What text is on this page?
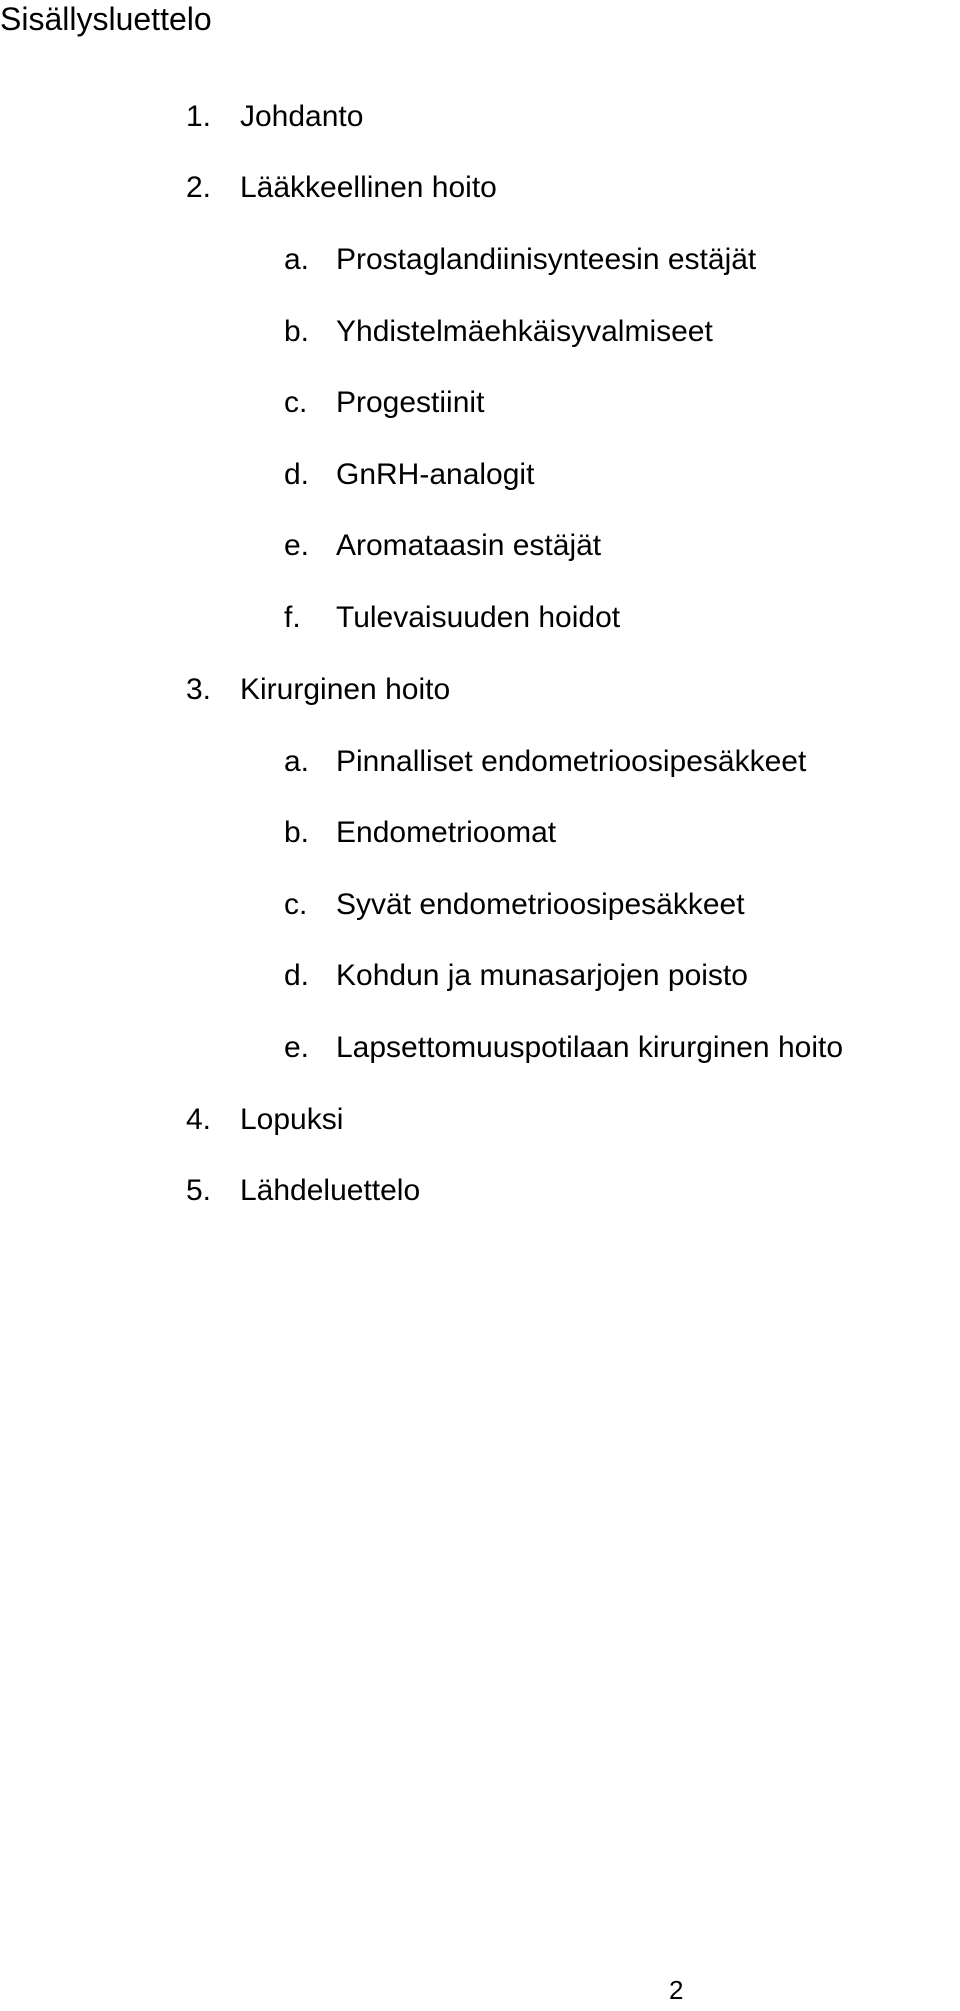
Sisällysluettelo
1. Johdanto
2. Lääkkeellinen hoito
a. Prostaglandiinisynteesin estäjät
b. Yhdistelmäehkäisyvalmiseet
c. Progestiinit
d. GnRH-analogit
e. Aromataasin estäjät
f. Tulevaisuuden hoidot
3. Kirurginen hoito
a. Pinnalliset endometrioosipesäkkeet
b. Endometrioomat
c. Syvät endometrioosipesäkkeet
d. Kohdun ja munasarjojen poisto
e. Lapsettomuuspotilaan kirurginen hoito
4. Lopuksi
5. Lähdeluettelo
2
